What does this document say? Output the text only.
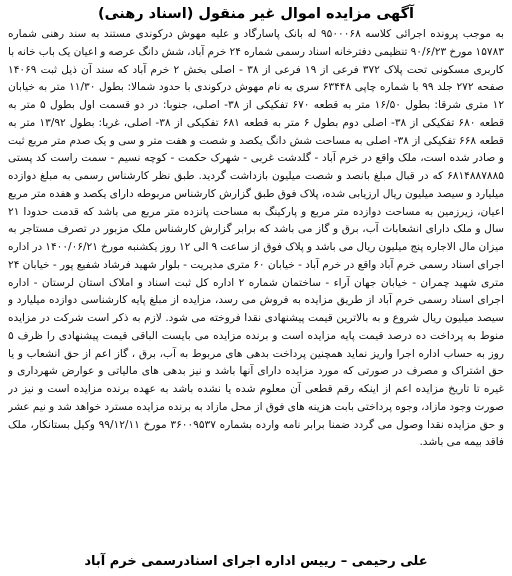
آگهی مزایده اموال غیر منقول (اسناد رهنی)

به موجب پرونده اجرائی کلاسه ۹۵۰۰۰۶۸ له بانک پاسارگاد و علیه مهوش درکوندی مستند به سند رهنی شماره ۱۵۷۸۳ مورخ ۹۰/۶/۲۳ تنظیمی دفترخانه اسناد رسمی شماره ۲۴ خرم آباد، شش دانگ عرصه و اعیان یک باب خانه با کاربری مسکونی تحت پلاک ۳۷۲ فرعی از ۱۹ فرعی از ۳۸ - اصلی بخش ۲ خرم آباد که سند آن ذیل ثبت ۱۴۰۶۹ صفحه ۲۷۲ جلد ۹۹ با شماره چاپی ۶۳۴۴۸ سری به نام مهوش درکوندی با حدود شمالا: بطول ۱۱/۳۰ متر به خیابان ۱۲ متری شرقا: بطول ۱۶/۵۰ متر به قطعه ۶۷۰ تفکیکی از ۳۸- اصلی، جنوبا: در دو قسمت اول بطول ۵ متر به قطعه ۶۸۰ تفکیکی از ۳۸- اصلی دوم بطول ۶ متر به قطعه ۶۸۱ تفکیکی از ۳۸- اصلی، غربا: بطول ۱۳/۹۲ متر به قطعه ۶۶۸ تفکیکی از ۳۸- اصلی به مساحت شش دانگ یکصد و شصت و هفت متر و سی و یک صدم متر مربع ثبت و صادر شده است، ملک واقع در خرم آباد - گلدشت غربی - شهرک حکمت - کوچه نسیم - سمت راست کد پستی ۶۸۱۴۸۸۷۸۸۵ که در قبال مبلغ بانصد و شصت میلیون بازداشت گردید. طبق نظر کارشناس رسمی به مبلغ دوازده میلیارد و سیصد میلیون ریال ارزیابی شده، پلاک فوق طبق گزارش کارشناس مربوطه دارای یکصد و هفده متر مربع اعیان، زیرزمین به مساحت دوازده متر مربع و پارکینگ به مساحت پانزده متر مربع می باشد که قدمت حدودا ۲۱ سال و ملک دارای انشعابات آب، برق و گاز می باشد که برابر گزارش کارشناس ملک مزبور در تصرف مستاجر به میزان مال الاجاره پنج میلیون ریال می باشد و پلاک فوق از ساعت ۹ الی ۱۲ روز یکشنبه مورخ ۱۴۰۰/۰۶/۲۱ در اداره اجرای اسناد رسمی خرم آباد واقع در خرم آباد - خیابان ۶۰ متری مدیریت - بلوار شهید فرشاد شفیع پور - خیابان ۲۴ متری شهید چمران - خیابان جهان آراء - ساختمان شماره ۲ اداره کل ثبت اسناد و املاک استان لرستان - اداره اجرای اسناد رسمی خرم آباد از طریق مزایده به فروش می رسد، مزایده از مبلغ پایه کارشناسی دوازده میلیارد و سیصد میلیون ریال شروع و به بالاترین قیمت پیشنهادی نقدا فروخته می شود. لازم به ذکر است شرکت در مزایده منوط به پرداخت ده درصد قیمت پایه مزایده است و برنده مزایده می بایست الباقی قیمت پیشنهادی را ظرف ۵ روز به حساب اداره اجرا واریز نماید همچنین پرداخت بدهی های مربوط به آب، برق ، گاز اعم از حق انشعاب و یا حق اشتراک و مصرف در صورتی که مورد مزایده دارای آنها باشد و نیز بدهی های مالیاتی و عوارض شهرداری و غیره تا تاریخ مزایده اعم از اینکه رقم قطعی آن معلوم شده یا نشده باشد به عهده برنده مزایده است و نیز در صورت وجود مازاد، وجوه پرداختی بابت هزینه های فوق از محل مازاد به برنده مزایده مسترد خواهد شد و نیم عشر و حق مزایده نقدا وصول می گردد ضمنا برابر نامه وارده بشماره ۳۶۰۰۹۵۳۷ مورخ ۹۹/۱۲/۱۱ وکیل بستانکار، ملک فاقد بیمه می باشد.

علی رحیمی – رییس اداره اجرای اسنادرسمی خرم آباد
